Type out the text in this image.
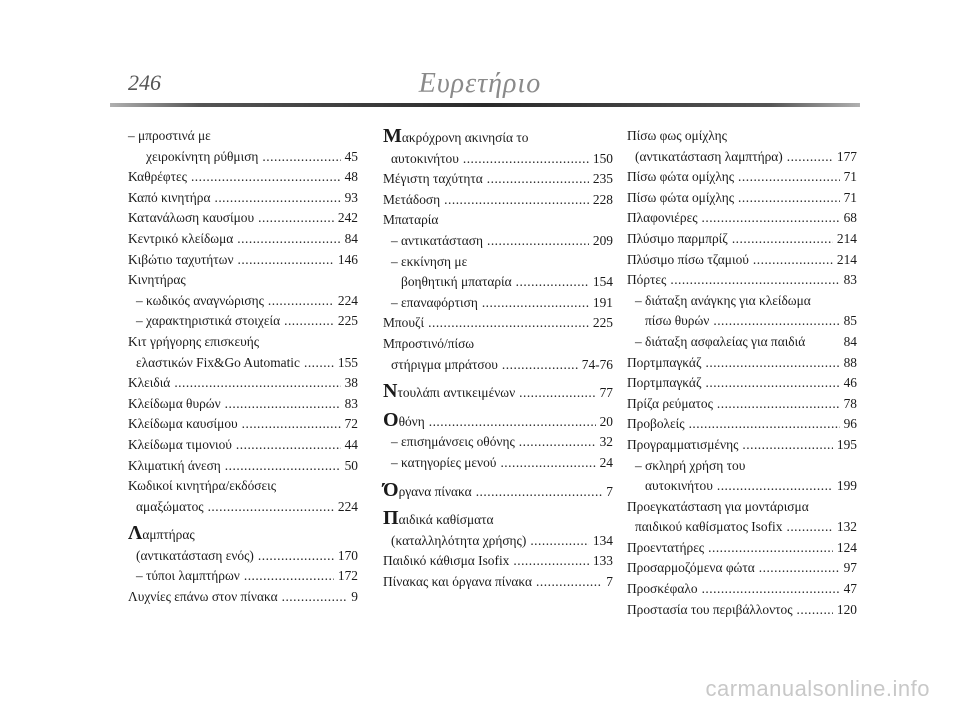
246	Ευρετήριο
– μπροστινά με
χειροκίνητη ρύθμιση .....	45
Καθρέφτες .....	48
Καπό κινητήρα .....	93
Κατανάλωση καυσίμου .....	242
Κεντρικό κλείδωμα .....	84
Κιβώτιο ταχυτήτων .....	146
Κινητήρας
– κωδικός αναγνώρισης .....	224
– χαρακτηριστικά στοιχεία .....	225
Κιτ γρήγορης επισκευής
ελαστικών Fix&Go Automatic .....	155
Κλειδιά .....	38
Κλείδωμα θυρών .....	83
Κλείδωμα καυσίμου .....	72
Κλείδωμα τιμονιού .....	44
Κλιματική άνεση .....	50
Κωδικοί κινητήρα/εκδόσεις
αμαξώματος .....	224
Λαμπτήρας
(αντικατάσταση ενός) .....	170
– τύποι λαμπτήρων .....	172
Λυχνίες επάνω στον πίνακα .....	9
Μακρόχρονη ακινησία το
αυτοκινήτου .....	150
Μέγιστη ταχύτητα .....	235
Μετάδοση .....	228
Μπαταρία
– αντικατάσταση .....	209
– εκκίνηση με
βοηθητική μπαταρία .....	154
– επαναφόρτιση .....	191
Μπουζί .....	225
Μπροστινό/πίσω
στήριγμα μπράτσου .....	74-76
Ντουλάπι αντικειμένων .....	77
Οθόνη .....	20
– επισημάνσεις οθόνης .....	32
– κατηγορίες μενού .....	24
Όργανα πίνακα .....	7
Παιδικά καθίσματα
(καταλληλότητα χρήσης) .....	134
Παιδικό κάθισμα Isofix .....	133
Πίνακας και όργανα πίνακα .....	7
Πίσω φως ομίχλης
(αντικατάσταση λαμπτήρα) .....	177
Πίσω φώτα ομίχλης .....	71
Πίσω φώτα ομίχλης .....	71
Πλαφονιέρες .....	68
Πλύσιμο παρμπρίζ .....	214
Πλύσιμο πίσω τζαμιού .....	214
Πόρτες .....	83
– διάταξη ανάγκης για κλείδωμα
πίσω θυρών .....	85
– διάταξη ασφαλείας για παιδιά	84
Πορτμπαγκάζ .....	88
Πορτμπαγκάζ .....	46
Πρίζα ρεύματος .....	78
Προβολείς .....	96
Προγραμματισμένης .....	195
– σκληρή χρήση του
αυτοκινήτου .....	199
Προεγκατάσταση για μοντάρισμα
παιδικού καθίσματος Isofix .....	132
Προεντατήρες .....	124
Προσαρμοζόμενα φώτα .....	97
Προσκέφαλο .....	47
Προστασία του περιβάλλοντος .....	120
carmanualsonline.info
